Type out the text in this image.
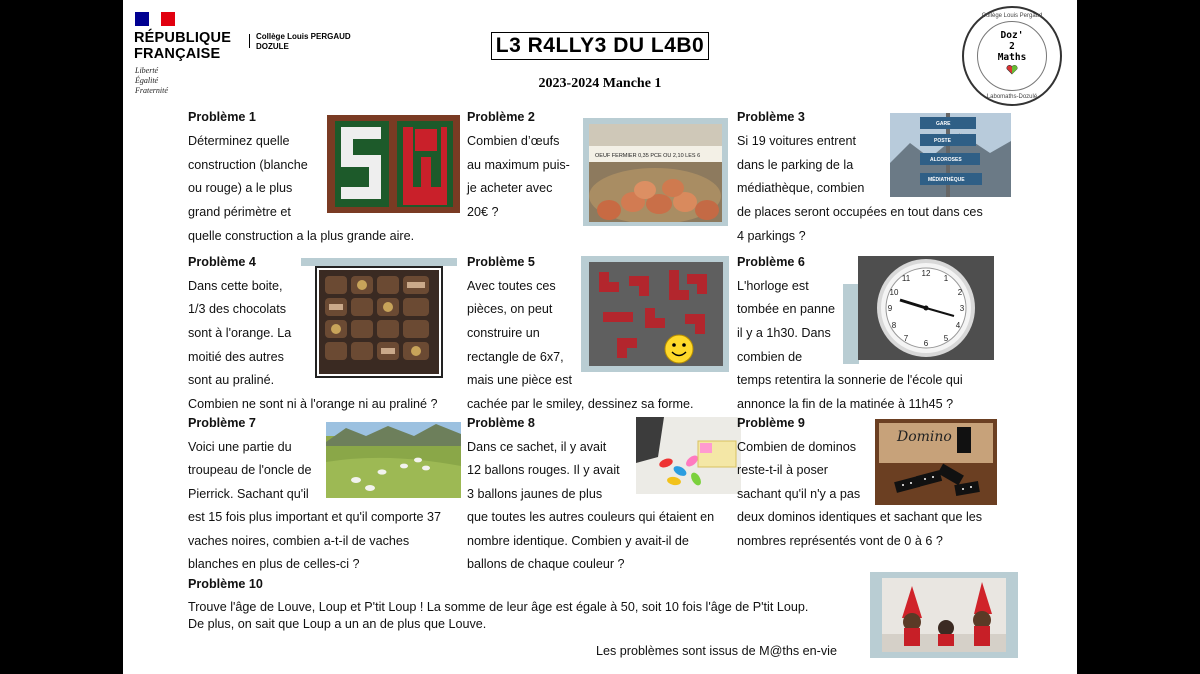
RÉPUBLIQUE
FRANÇAISE
Liberté
Égalité
Fraternité
Collège Louis PERGAUD
DOZULE	L3 R4LLY3 DU L4B0
2023-2024 Manche 1
Collège Louis Pergaud
Doz'
2
Maths
Labomaths-Dozulé
Problème 1
Déterminez quelle
construction (blanche
ou rouge) a le plus
grand périmètre et
quelle construction a la plus grande aire.
Problème 2
Combien d’œufs
au maximum puis-
je acheter avec
20€ ?
OEUF FERMIER 0,35 PCE OU 2,10 LES 6
Problème 3
Si 19 voitures entrent
dans le parking de la
médiathèque, combien
de places seront occupées en tout dans ces
4 parkings ?
GARE
POSTE
ALCOROSES
MÉDIATHÈQUE
Problème 4
Dans cette boite,
1/3 des chocolats
sont à l'orange. La
moitié des autres
sont au praliné.
Combien ne sont ni à l'orange ni au praliné ?
Problème 5
Avec toutes ces
pièces, on peut
construire un
rectangle de 6x7,
mais une pièce est
cachée par le smiley, dessinez sa forme.
Problème 6
L'horloge est
tombée en panne
il y a 1h30. Dans
combien de
temps retentira la sonnerie de l'école qui
annonce la fin de la matinée à 11h45 ?
12
1
2
3
4
5
6
7
8
9
10
11
Problème 7
Voici une partie du
troupeau de l'oncle de
Pierrick. Sachant qu'il
est 15 fois plus important et qu'il comporte 37
vaches noires, combien a-t-il de vaches
blanches en plus de celles-ci ?
Problème 8
Dans ce sachet, il y avait
12 ballons rouges. Il y avait
3 ballons jaunes de plus
que toutes les autres couleurs qui étaient en
nombre identique. Combien y avait-il de
ballons de chaque couleur ?
Problème 9
Combien de dominos
reste-t-il à poser
sachant qu'il n'y a pas
deux dominos identiques et sachant que les
nombres représentés vont de 0 à 6 ?
Domino
Problème 10
Trouve l'âge de Louve, Loup et P'tit Loup ! La somme de leur âge est égale à 50, soit 10 fois l'âge de P'tit Loup.
De plus, on sait que Loup a un an de plus que Louve.
Les problèmes sont issus de M@ths en-vie
